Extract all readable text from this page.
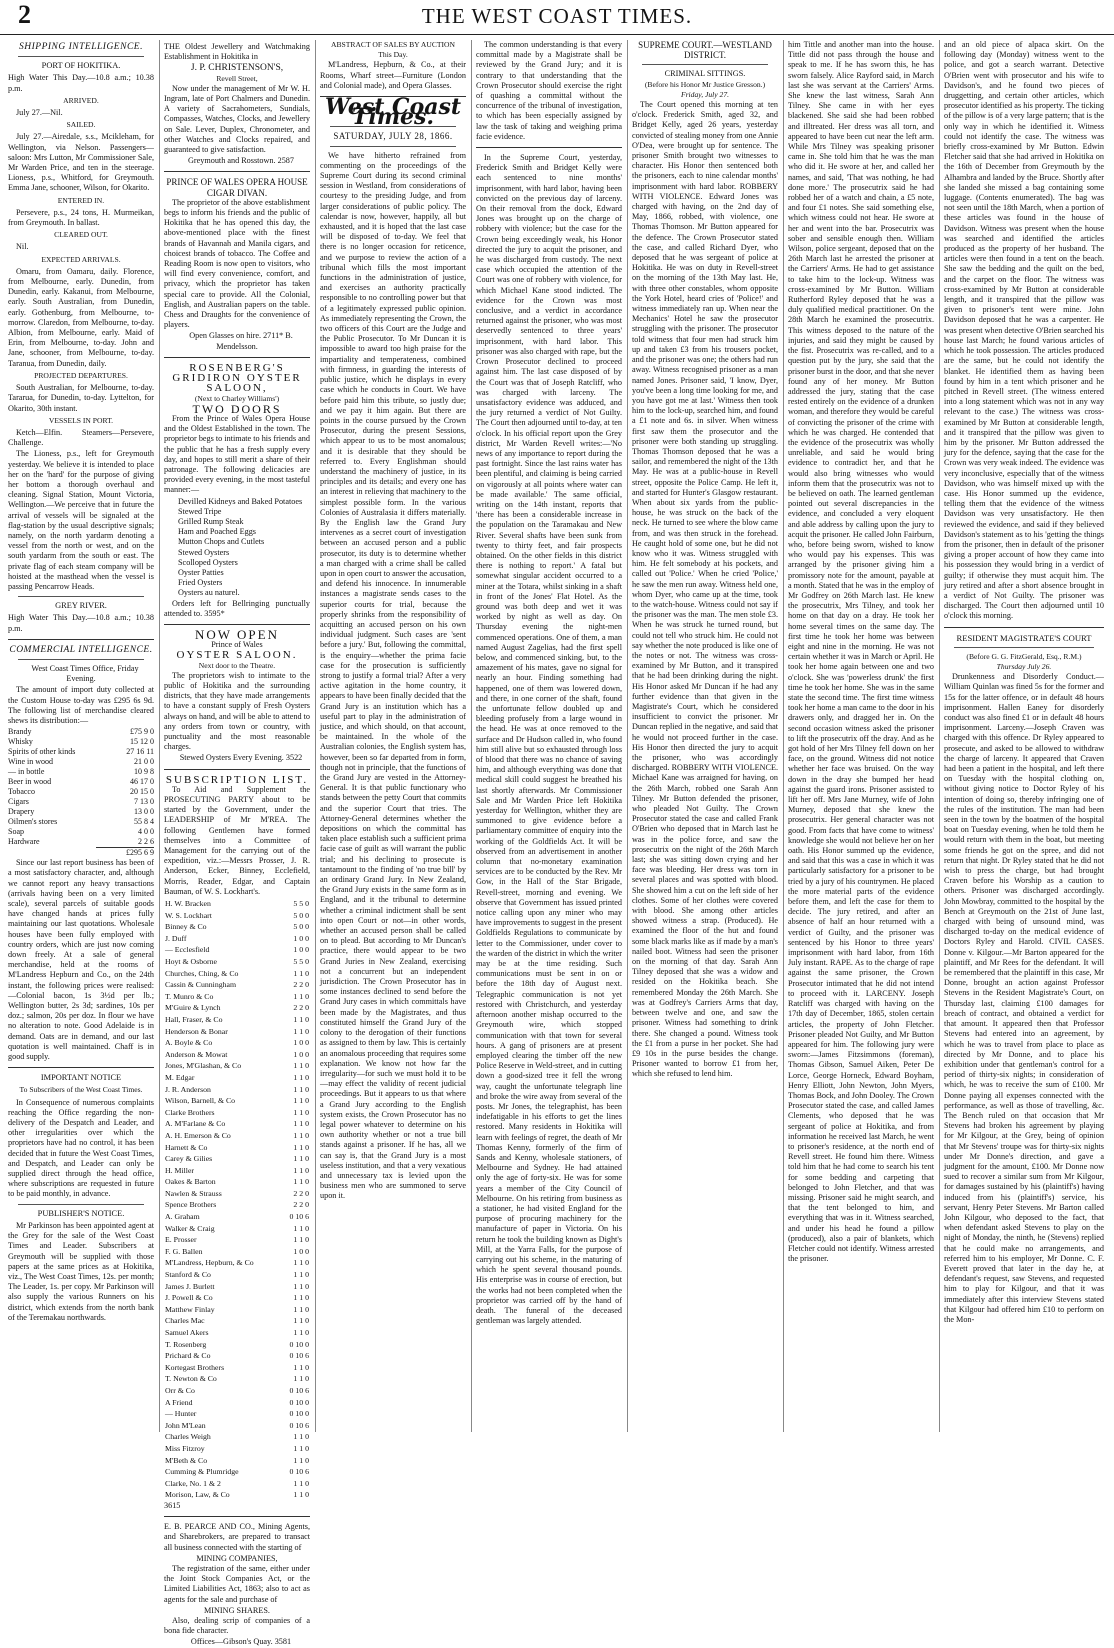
2	THE WEST COAST TIMES.
SHIPPING INTELLIGENCE.
PORT OF HOKITIKA.

High Water This Day.—10.8 a.m.; 10.38 p.m.

ARRIVED.

July 27.—Nil.

SAILED.

July 27.—Airedale, s.s., Mcikleham, for Wellington, via Nelson. Passengers—saloon: Mrs Lutton, Mr Commissioner Sale, Mr Warden Price, and ten in the steerage. Lioness, p.s., Whitford, for Greymouth. Emma Jane, schooner, Wilson, for Okarito.

ENTERED IN.

Persevere, p.s., 24 tons, H. Murmeikan, from Greymouth. In ballast.

CLEARED OUT.

Nil.

EXPECTED ARRIVALS.

Omaru, from Oamaru, daily. Florence, from Melbourne, early. Dunedin, from Dunedin, early. Kakanui, from Melbourne, early. South Australian, from Dunedin, early. Gothenburg, from Melbourne, to-morrow. Claredon, from Melbourne, to-day. Albion, from Melbourne, early. Maid of Erin, from Melbourne, to-day. John and Jane, schooner, from Melbourne, to-day. Taranua, from Dunedin, daily.

PROJECTED DEPARTURES.

South Australian, for Melbourne, to-day. Tararua, for Dunedin, to-day. Lyttelton, for Okarito, 30th instant.

VESSELS IN PORT.

Ketch—Elfin. Steamers—Persevere, Challenge.

The Lioness, p.s., left for Greymouth yesterday. We believe it is intended to place her on the 'hard' for the purpose of giving her bottom a thorough overhaul and cleaning. Signal Station, Mount Victoria, Wellington.—We perceive that in future the arrival of vessels will be signaled at the flag-station by the usual descriptive signals; namely, on the north yardarm denoting a vessel from the north or west, and on the south yardarm from the south or east. The private flag of each steam company will be hoisted at the masthead when the vessel is passing Pencarrow Heads.

GREY RIVER.

High Water This Day.—10.8 a.m.; 10.38 p.m.

COMMERCIAL INTELLIGENCE.

West Coast Times Office, Friday Evening.

The amount of import duty collected at the Custom House to-day was £295 6s 9d. The following list of merchandise cleared shews its distribution:—

Brandy	£75 9 0
Whisky	15 12 0
Spirits of other kinds	27 16 11
Wine in wood	21 0 0
— in bottle	10 9 8
Beer in wood	46 17 0
Tobacco	20 15 0
Cigars	7 13 0
Drapery	13 0 0
Oilmen's stores	55 8 4
Soap	4 0 0
Hardware	2 2 6
	£295 6 9

Since our last report business has been of a most satisfactory character, and, although we cannot report any heavy transactions (arrivals having been on a very limited scale), several parcels of suitable goods have changed hands at prices fully maintaining our last quotations. Wholesale houses have been fully employed with country orders, which are just now coming down freely. At a sale of general merchandise, held at the rooms of M'Landress Hepburn and Co., on the 24th instant, the following prices were realised:—Colonial bacon, 1s 3½d per lb.; Wellington butter, 2s 3d; sardines, 10s per doz.; salmon, 20s per doz. In flour we have no alteration to note. Good Adelaide is in demand. Oats are in demand, and our last quotation is well maintained. Chaff is in good supply.

IMPORTANT NOTICE
To Subscribers of the West Coast Times.

In Consequence of numerous complaints reaching the Office regarding the non-delivery of the Despatch and Leader, and other irregularities over which the proprietors have had no control, it has been decided that in future the West Coast Times, and Despatch, and Leader can only be supplied direct through the head office, where subscriptions are requested in future to be paid monthly, in advance.

PUBLISHER'S NOTICE.

Mr Parkinson has been appointed agent at the Grey for the sale of the West Coast Times and Leader. Subscribers at Greymouth will be supplied with those papers at the same prices as at Hokitika, viz., The West Coast Times, 12s. per month; The Leader, 1s. per copy. Mr Parkinson will also supply the various Runners on his district, which extends from the north bank of the Teremakau northwards.

THE Oldest Jewellery and Watchmaking Establishment in Hokitika in

J. P. CHRISTENSON'S,
Revell Street,

Now under the management of Mr W. H. Ingram, late of Port Chalmers and Dunedin. A variety of Sacrahometers, Sundials, Compasses, Watches, Clocks, and Jewellery on Sale. Lever, Duplex, Chronometer, and other Watches and Clocks repaired, and guaranteed to give satisfaction.

Greymouth and Rosstown. 2587

PRINCE OF WALES OPERA HOUSE CIGAR DIVAN.

The proprietor of the above establishment begs to inform his friends and the public of Hokitika that he has opened this day, the above-mentioned place with the finest brands of Havannah and Manila cigars, and choicest brands of tobacco. The Coffee and Reading Room is now open to visitors, who will find every convenience, comfort, and privacy, which the proprietor has taken special care to provide. All the Colonial, English, and Australian papers on the table. Chess and Draughts for the convenience of players.

Open Glasses on hire. 2711* B. Mendelsson.

ROSENBERG'S GRIDIRON OYSTER SALOON,
(Next to Charley Williams')
TWO DOORS

From the Prince of Wales Opera House and the Oldest Established in the town. The proprietor begs to intimate to his friends and the public that he has a fresh supply every day, and hopes to still merit a share of their patronage. The following delicacies are provided every evening, in the most tasteful manner:—

Devilled Kidneys and Baked Potatoes
Stewed Tripe
Grilled Rump Steak
Ham and Poached Eggs
Mutton Chops and Cutlets
Stewed Oysters
Scolloped Oysters
Oyster Patties
Fried Oysters
Oysters au naturel.

Orders left for Bellringing punctually attended to. 3595*

NOW OPEN
Prince of Wales
OYSTER SALOON.
Next door to the Theatre.

The proprietors wish to intimate to the public of Hokitika and the surrounding districts, that they have made arrangements to have a constant supply of Fresh Oysters always on hand, and will be able to attend to any orders from town or country, with punctuality and the most reasonable charges.

Stewed Oysters Every Evening. 3522

SUBSCRIPTION LIST.

To Aid and Supplement the PROSECUTING PARTY about to be started by the Government, under the LEADERSHIP of Mr M'REA. The following Gentlemen have formed themselves into a Committee of Management for the carrying out of the expedition, viz.:—Messrs Prosser, J. R. Anderson, Ecker, Binney, Ecclefield, Morris, Reader, Edgar, and Captain Bauman, of W. S. Lockhart's.

H. W. Bracken	5 5 0
W. S. Lockhart	5 0 0
Binney & Co	5 0 0
J. Duff	1 0 0
— Ecclesfield	1 0 0
Hoyt & Osborne	5 5 0
Churches, Ching, & Co	1 1 0
Cassin & Cunningham	2 2 0
T. Munro & Co	1 1 0
M'Guire & Lynch	2 2 0
Hall, Fraser, & Co	1 1 0
Henderson & Bonar	1 1 0
A. Boyle & Co	1 0 0
Anderson & Mowat	1 0 0
Jones, M'Glashan, & Co	1 1 0
M. Edgar	1 1 0
J. R. Anderson	1 1 0
Wilson, Barnell, & Co	1 1 0
Clarke Brothers	1 1 0
A. M'Farlane & Co	1 1 0
A. H. Emerson & Co	1 1 0
Harnett & Co	1 1 0
Carey & Gilies	1 1 0
H. Miller	1 1 0
Oakes & Barton	1 1 0
Nawlen & Strauss	2 2 0
Spence Brothers	2 2 0
A. Graham	0 10 6
Walker & Craig	1 1 0
E. Prosser	1 1 0
F. G. Ballen	1 0 0
M'Landress, Hepburn, & Co	1 1 0
Stanford & Co	1 1 0
James J. Burlett	1 1 0
J. Powell & Co	1 1 0
Matthew Finlay	1 1 0
Charles Mac	1 1 0
Samuel Akers	1 1 0
T. Rosenberg	0 10 0
Prichard & Co	0 10 6
Kortegast Brothers	1 1 0
T. Newton & Co	1 1 0
Orr & Co	0 10 6
A Friend	0 10 0
— Hunter	0 10 0
John M'Lean	0 10 6
Charles Weigh	1 1 0
Miss Fitzroy	1 1 0
M'Beth & Co	1 1 0
Cumming & Plumridge	0 10 6
Clarke, No. 1 & 2	1 1 0
Morison, Law, & Co	1 1 0

3615

E. B. PEARCE AND CO., Mining Agents, and Sharebrokers, are prepared to transact all business connected with the starting of

MINING COMPANIES,

The registration of the same, either under the Joint Stock Companies Act, or the Limited Liabilities Act, 1863; also to act as agents for the sale and purchase of

MINING SHARES.

Also, dealing scrip of companies of a bona fide character.

Offices—Gibson's Quay. 3581

ABSTRACT OF SALES BY AUCTION
This Day.

M'Landress, Hepburn, & Co., at their Rooms, Wharf street—Furniture (London and Colonial made), and Opera Glasses.

West Coast Times.
SATURDAY, JULY 28, 1866.

We have hitherto refrained from commenting on the proceedings of the Supreme Court during its second criminal session in Westland, from considerations of courtesy to the presiding Judge, and from larger considerations of public policy. The calendar is now, however, happily, all but exhausted, and it is hoped that the last case will be disposed of to-day. We feel that there is no longer occasion for reticence, and we purpose to review the action of a tribunal which fills the most important functions in the administration of justice, and exercises an authority practically responsible to no controlling power but that of a legitimately expressed public opinion. As immediately representing the Crown, the two officers of this Court are the Judge and the Public Prosecutor. To Mr Duncan it is impossible to award too high praise for the impartiality and temperateness, combined with firmness, in guarding the interests of public justice, which he displays in every case which he conducts in Court. We have before paid him this tribute, so justly due; and we pay it him again. But there are points in the course pursued by the Crown Prosecutor, during the present Sessions, which appear to us to be most anomalous; and it is desirable that they should be referred to. Every Englishman should understand the machinery of justice, in its principles and its details; and every one has an interest in relieving that machinery to the simplest possible form. In the various Colonies of Australasia it differs materially. By the English law the Grand Jury intervenes as a secret court of investigation between an accused person and a public prosecutor, its duty is to determine whether a man charged with a crime shall be called upon in open court to answer the accusation, and defend his innocence. In innumerable instances a magistrate sends cases to the superior courts for trial, because the properly shrinks from the responsibility of acquitting an accused person on his own individual judgment. Such cases are 'sent before a jury.' But, following the committal, is the enquiry—whether the prima facie case for the prosecution is sufficiently strong to justify a formal trial? After a very active agitation in the home country, it appears to have been finally decided that the Grand Jury is an institution which has a useful part to play in the administration of justice, and which should, on that account, be maintained. In the whole of the Australian colonies, the English system has, however, been so far departed from in form, though not in principle, that the functions of the Grand Jury are vested in the Attorney-General. It is that public functionary who stands between the petty Court that commits and the superior Court that tries. The Attorney-General determines whether the depositions on which the committal has taken place establish such a sufficient prima facie case of guilt as will warrant the public trial; and his declining to prosecute is tantamount to the finding of 'no true bill' by an ordinary Grand Jury. In New Zealand, the Grand Jury exists in the same form as in England, and it the tribunal to determine whether a criminal indictment shall be sent into open Court or not—in other words, whether an accused person shall be called on to plead. But according to Mr Duncan's practice, there would appear to be two Grand Juries in New Zealand, exercising not a concurrent but an independent jurisdiction. The Crown Prosecutor has in some instances declined to send before the Grand Jury cases in which committals have been made by the Magistrates, and thus constituted himself the Grand Jury of the colony to the derogation of their functions as assigned to them by law. This is certainly an anomalous proceeding that requires some explanation. We know not how far the irregularity—for such we must hold it to be—may effect the validity of recent judicial proceedings. But it appears to us that where a Grand Jury according to the English system exists, the Crown Prosecutor has no legal power whatever to determine on his own authority whether or not a true bill stands against a prisoner. If he has, all we can say is, that the Grand Jury is a most useless institution, and that a very vexatious and unnecessary tax is levied upon the business men who are summoned to serve upon it.

The common understanding is that every committal made by a Magistrate shall be reviewed by the Grand Jury; and it is contrary to that understanding that the Crown Prosecutor should exercise the right of quashing a committal without the concurrence of the tribunal of investigation, to which has been especially assigned by law the task of taking and weighing prima facie evidence.

In the Supreme Court, yesterday, Frederick Smith and Bridget Kelly were each sentenced to nine months' imprisonment, with hard labor, having been convicted on the previous day of larceny. On their removal from the dock, Edward Jones was brought up on the charge of robbery with violence; but the case for the Crown being exceedingly weak, his Honor directed the jury to acquit the prisoner, and he was discharged from custody. The next case which occupied the attention of the Court was one of robbery with violence, for which Michael Kane stood indicted. The evidence for the Crown was most conclusive, and a verdict in accordance returned against the prisoner, who was most deservedly sentenced to three years' imprisonment, with hard labor. This prisoner was also charged with rape, but the Crown Prosecutor declined to proceed against him. The last case disposed of by the Court was that of Joseph Ratcliff, who was charged with larceny. The unsatisfactory evidence was adduced, and the jury returned a verdict of Not Guilty. The Court then adjourned until to-day, at ten o'clock. In his official report upon the Grey district, Mr Warden Revell writes:—'No news of any importance to report during the past fortnight. Since the last rains water has been plentiful, and claiming is being carried on vigorously at all points where water can be made available.' The same official, writing on the 14th instant, reports that 'there has been a considerable increase in the population on the Taramakau and New River. Several shafts have been sunk from twenty to thirty feet, and fair prospects obtained. On the other fields in this district there is nothing to report.' A fatal but somewhat singular accident occurred to a miner at the Totara, whilst sinking in a shaft in front of the Jones' Flat Hotel. As the ground was both deep and wet it was worked by night as well as day. On Thursday evening the night-men commenced operations. One of them, a man named August Zagelias, had the first spell below, and commenced sinking, but, to the amazement of his mates, gave no signal for nearly an hour. Finding something had happened, one of them was lowered down, and there, in one corner of the shaft, found the unfortunate fellow doubled up and bleeding profusely from a large wound in the head. He was at once removed to the surface and Dr Hudson called in, who found him still alive but so exhausted through loss of blood that there was no chance of saving him, and although everything was done that medical skill could suggest he breathed his last shortly afterwards. Mr Commissioner Sale and Mr Warden Price left Hokitika yesterday for Wellington, whither they are summoned to give evidence before a parliamentary committee of enquiry into the working of the Goldfields Act. It will be observed from an advertisement in another column that no-monetary examination services are to be conducted by the Rev. Mr Gow, in the Hall of the Star Brigade, Revell-street, morning and evening. We observe that Government has issued printed notice calling upon any miner who may have improvements to suggest in the present Goldfields Regulations to communicate by letter to the Commissioner, under cover to the warden of the district in which the writer may be at the time residing. Such communications must be sent in on or before the 18th day of August next. Telegraphic communication is not yet restored with Christchurch, and yesterday afternoon another mishap occurred to the Greymouth wire, which stopped communication with that town for several hours. A gang of prisoners are at present employed clearing the timber off the new Police Reserve in Weld-street, and in cutting down a good-sized tree it fell the wrong way, caught the unfortunate telegraph line and broke the wire away from several of the posts. Mr Jones, the telegraphist, has been indefatigable in his efforts to get the lines restored. Many residents in Hokitika will learn with feelings of regret, the death of Mr Thomas Kenny, formerly of the firm of Sands and Kenny, wholesale stationers, of Melbourne and Sydney. He had attained only the age of forty-six. He was for some years a member of the City Council of Melbourne. On his retiring from business as a stationer, he had visited England for the purpose of procuring machinery for the manufacture of paper in Victoria. On his return he took the building known as Dight's Mill, at the Yarra Falls, for the purpose of carrying out his scheme, in the maturing of which he spent several thousand pounds. His enterprise was in course of erection, but the works had not been completed when the proprietor was carried off by the hand of death. The funeral of the deceased gentleman was largely attended.

SUPREME COURT.—WESTLAND DISTRICT.
CRIMINAL SITTINGS.
(Before his Honor Mr Justice Gresson.)
Friday, July 27.

The Court opened this morning at ten o'clock. Frederick Smith, aged 32, and Bridget Kelly, aged 26 years, yesterday convicted of stealing money from one Annie O'Dea, were brought up for sentence. The prisoner Smith brought two witnesses to character. His Honor then sentenced both the prisoners, each to nine calendar months' imprisonment with hard labor. ROBBERY WITH VIOLENCE. Edward Jones was charged with having, on the 2nd day of May, 1866, robbed, with violence, one Thomas Thomson. Mr Button appeared for the defence. The Crown Prosecutor stated the case, and called Richard Dyer, who deposed that he was sergeant of police at Hokitika. He was on duty in Revell-street on the morning of the 13th May last. He, with three other constables, whom opposite the York Hotel, heard cries of 'Police!' and witness immediately ran up. When near the Mechanics' Hotel he saw the prosecutor struggling with the prisoner. The prosecutor told witness that four men had struck him up and taken £3 from his trousers pocket, and the prisoner was one; the others had run away. Witness recognised prisoner as a man named Jones. Prisoner said, 'I know, Dyer, you've been a long time looking for me, and you have got me at last.' Witness then took him to the lock-up, searched him, and found a £1 note and 6s. in silver. When witness first saw them the prosecutor and the prisoner were both standing up struggling. Thomas Thomson deposed that he was a sailor, and remembered the night of the 13th May. He was at a public-house in Revell street, opposite the Police Camp. He left it, and started for Hunter's Glasgow restaurant. When about six yards from the public-house, he was struck on the back of the neck. He turned to see where the blow came from, and was then struck in the forehead. He caught hold of some one, but he did not know who it was. Witness struggled with him. He felt somebody at his pockets, and called out 'Police.' When he cried 'Police,' he saw the men run away. Witness held one, whom Dyer, who came up at the time, took to the watch-house. Witness could not say if the prisoner was the man. The men stole £3. When he was struck he turned round, but could not tell who struck him. He could not say whether the note produced is like one of the notes or not. The witness was cross-examined by Mr Button, and it transpired that he had been drinking during the night. His Honor asked Mr Duncan if he had any further evidence than that given in the Magistrate's Court, which he considered insufficient to convict the prisoner. Mr Duncan replied in the negative, and said that he would not proceed further in the case. His Honor then directed the jury to acquit the prisoner, who was accordingly discharged. ROBBERY WITH VIOLENCE. Michael Kane was arraigned for having, on the 26th March, robbed one Sarah Ann Tilney. Mr Button defended the prisoner, who pleaded Not Guilty. The Crown Prosecutor stated the case and called Frank O'Brien who deposed that in March last he was in the police force, and saw the prosecutrix on the night of the 26th March last; she was sitting down crying and her face was bleeding. Her dress was torn in several places and was spotted with blood. She showed him a cut on the left side of her clothes. Some of her clothes were covered with blood. She among other articles showed witness a strap. (Produced). He examined the floor of the hut and found some black marks like as if made by a man's nailed boot. Witness had seen the prisoner on the morning of that day. Sarah Ann Tilney deposed that she was a widow and resided on the Hokitika beach. She remembered Monday the 26th March. She was at Godfrey's Carriers Arms that day, between twelve and one, and saw the prisoner. Witness had something to drink there. She changed a pound. Witness took the £1 from a purse in her pocket. She had £9 10s in the purse besides the change. Prisoner wanted to borrow £1 from her, which she refused to lend him.

him Tittle and another man into the house. Tittle did not pass through the house and speak to me. If he has sworn this, he has sworn falsely. Alice Rayford said, in March last she was servant at the Carriers' Arms. She knew the last witness, Sarah Ann Tilney. She came in with her eyes blackened. She said she had been robbed and illtreated. Her dress was all torn, and appeared to have been cut near the left arm. While Mrs Tilney was speaking prisoner came in. She told him that he was the man who did it. He swore at her, and called her names, and said, 'That was nothing, he had done more.' The prosecutrix said he had robbed her of a watch and chain, a £5 note, and four £1 notes. She said something else, which witness could not hear. He swore at her and went into the bar. Prosecutrix was sober and sensible enough then. William Wilson, police sergeant, deposed that on the 26th March last he arrested the prisoner at the Carriers' Arms. He had to get assistance to take him to the lock-up. Witness was cross-examined by Mr Button. William Rutherford Ryley deposed that he was a duly qualified medical practitioner. On the 28th March he examined the prosecutrix. This witness deposed to the nature of the injuries, and said they might be caused by the fist. Prosecutrix was re-called, and to a question put by the jury, she said that the prisoner burst in the door, and that she never found any of her money. Mr Button addressed the jury, stating that the case rested entirely on the evidence of a drunken woman, and therefore they would be careful of convicting the prisoner of the crime with which he was charged. He contended that the evidence of the prosecutrix was wholly unreliable, and said he would bring evidence to contradict her, and that he would also bring witnesses who would inform them that the prosecutrix was not to be believed on oath. The learned gentleman pointed out several discrepancies in the evidence, and concluded a very eloquent and able address by calling upon the jury to acquit the prisoner. He called John Fairburn, who, before being sworn, wished to know who would pay his expenses. This was arranged by the prisoner giving him a promissory note for the amount, payable at a month. Stated that he was in the employ of Mr Godfrey on 26th March last. He knew the prosecutrix, Mrs Tilney, and took her home on that day on a dray. He took her home several times on the same day. The first time he took her home was between eight and nine in the morning. He was not certain whether it was in March or April. He took her home again between one and two o'clock. She was 'powerless drunk' the first time he took her home. She was in the same state the second time. The first time witness took her home a man came to the door in his drawers only, and dragged her in. On the second occasion witness asked the prisoner to lift the prosecutrix off the dray. And as he got hold of her Mrs Tilney fell down on her face, on the ground. Witness did not notice whether her face was bruised. On the way down in the dray she bumped her head against the guard irons. Prisoner assisted to lift her off. Mrs Jane Murney, wife of John Murney, deposed that she knew the prosecutrix. Her general character was not good. From facts that have come to witness' knowledge she would not believe her on her oath. His Honor summed up the evidence, and said that this was a case in which it was particularly satisfactory for a prisoner to be tried by a jury of his countrymen. He placed the more material parts of the evidence before them, and left the case for them to decide. The jury retired, and after an absence of half an hour returned with a verdict of Guilty, and the prisoner was sentenced by his Honor to three years' imprisonment with hard labor, from 16th July instant. RAPE. As to the charge of rape against the same prisoner, the Crown Prosecutor intimated that he did not intend to proceed with it. LARCENY. Joseph Ratcliff was charged with having on the 17th day of December, 1865, stolen certain articles, the property of John Fletcher. Prisoner pleaded Not Guilty, and Mr Button appeared for him. The following jury were sworn:—James Fitzsimmons (foreman), Thomas Gibson, Samuel Aiken, Peter De Lorce, George Horneck, Edward Boyham, Henry Elliott, John Newton, John Myers, Thomas Bock, and John Dooley. The Crown Prosecutor stated the case, and called James Clements, who deposed that he was sergeant of police at Hokitika, and from information he received last March, he went to prisoner's residence, at the north end of Revell street. He found him there. Witness told him that he had come to search his tent for some bedding and carpeting that belonged to John Fletcher, and that was missing. Prisoner said he might search, and that the tent belonged to him, and everything that was in it. Witness searched, and under his head he found a pillow (produced), also a pair of blankets, which Fletcher could not identify. Witness arrested the prisoner.

and an old piece of alpaca skirt. On the following day (Monday) witness went to the police, and got a search warrant. Detective O'Brien went with prosecutor and his wife to Davidson's, and he found two pieces of druggetting, and certain other articles, which prosecutor identified as his property. The ticking of the pillow is of a very large pattern; that is the only way in which he identified it. Witness could not identify the case. The witness was briefly cross-examined by Mr Button. Edwin Fletcher said that she had arrived in Hokitika on the 16th of December from Greymouth by the Alhambra and landed by the Bruce. Shortly after she landed she missed a bag containing some luggage. (Contents enumerated). The bag was not seen until the 18th March, when a portion of these articles was found in the house of Davidson. Witness was present when the house was searched and identified the articles produced as the property of her husband. The articles were then found in a tent on the beach. She saw the bedding and the quilt on the bed, and the carpet on the floor. The witness was cross-examined by Mr Button at considerable length, and it transpired that the pillow was given to prisoner's tent were mine. John Davidson deposed that he was a carpenter. He was present when detective O'Brien searched his house last March; he found various articles of which he took possession. The articles produced are the same, but he could not identify the blanket. He identified them as having been found by him in a tent which prisoner and he pitched in Revell street. (The witness entered into a long statement which was not in any way relevant to the case.) The witness was cross-examined by Mr Button at considerable length, and it transpired that the pillow was given to him by the prisoner. Mr Button addressed the jury for the defence, saying that the case for the Crown was very weak indeed. The evidence was very inconclusive, especially that of the witness Davidson, who was himself mixed up with the case. His Honor summed up the evidence, telling them that the evidence of the witness Davidson was very unsatisfactory. He then reviewed the evidence, and said if they believed Davidson's statement as to his 'getting the things from the prisoner, then in default of the prisoner giving a proper account of how they came into his possession they would bring in a verdict of guilty; if otherwise they must acquit him. The jury retired and after a short absence brought in a verdict of Not Guilty. The prisoner was discharged. The Court then adjourned until 10 o'clock this morning.

RESIDENT MAGISTRATE'S COURT
(Before G. G. FitzGerald, Esq., R.M.)
Thursday July 26.

Drunkenness and Disorderly Conduct.—William Quinlan was fined 5s for the former and 15s for the latter offence, or in default 48 hours imprisonment. Hallen Eaney for disorderly conduct was also fined £1 or in default 48 hours imprisonment. Larceny.—Joseph Craven was charged with this offence. Dr Ryley appeared to prosecute, and asked to be allowed to withdraw the charge of larceny. It appeared that Craven had been a patient in the hospital, and left there on Tuesday with the hospital clothing on, without giving notice to Doctor Ryley of his intention of doing so, thereby infringing one of the rules of the institution. The man had been seen in the town by the boatmen of the hospital boat on Tuesday evening, when he told them he would return with them in the boat, but meeting some friends he got on the spree, and did not return that night. Dr Ryley stated that he did not wish to press the charge, but had brought Craven before his Worship as a caution to others. Prisoner was discharged accordingly. John Mowbray, committed to the hospital by the Bench at Greymouth on the 21st of June last, charged with being of unsound mind, was discharged to-day on the medical evidence of Doctors Ryley and Harold. CIVIL CASES. Donne v. Kilgour.—Mr Barton appeared for the plaintiff, and Mr Rees for the defendant. It will be remembered that the plaintiff in this case, Mr Donne, brought an action against Professor Stevens in the Resident Magistrate's Court, on Thursday last, claiming £100 damages for breach of contract, and obtained a verdict for that amount. It appeared then that Professor Stevens had entered into an agreement, by which he was to travel from place to place as directed by Mr Donne, and to place his exhibition under that gentleman's control for a period of thirty-six nights; in consideration of which, he was to receive the sum of £100. Mr Donne paying all expenses connected with the performance, as well as those of travelling, &c. The Bench ruled on that occasion that Mr Stevens had broken his agreement by playing for Mr Kilgour, at the Grey, being of opinion that Mr Stevens' troupe was for thirty-six nights under Mr Donne's direction, and gave a judgment for the amount, £100. Mr Donne now sued to recover a similar sum from Mr Kilgour, for damages sustained by his (plaintiff's) having induced from his (plaintiff's) service, his servant, Henry Peter Stevens. Mr Barton called John Kilgour, who deposed to the fact, that when defendant asked Stevens to play on the night of Monday, the ninth, he (Stevens) replied that he could make no arrangements, and referred him to his employer, Mr Donne. C. F. Everett proved that later in the day he, at defendant's request, saw Stevens, and requested him to play for Kilgour, and that it was immediately after this interview Stevens stated that Kilgour had offered him £10 to perform on the Mon-
